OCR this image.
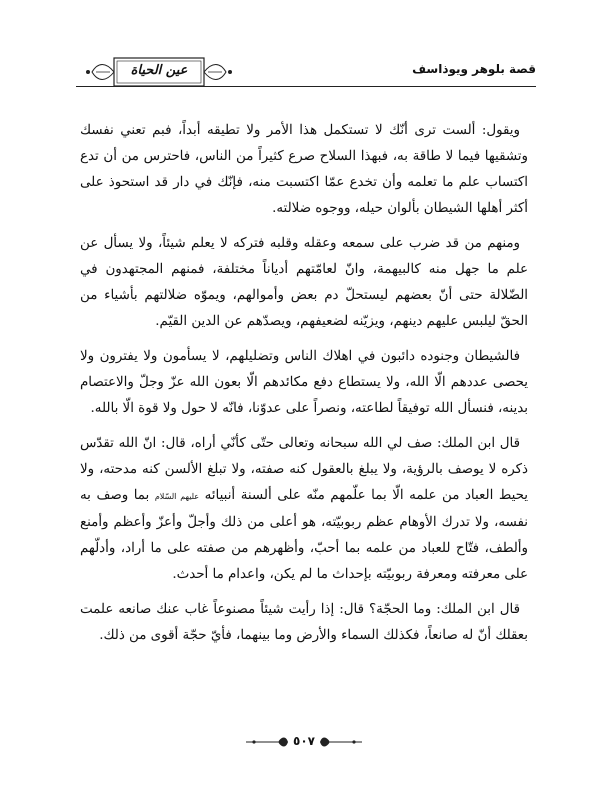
عين الحياة	قصة بلوهر ويوذاسف

ويقول: ألست ترى أنّك لا تستكمل هذا الأمر ولا تطيقه أبداً، فبم تعني نفسك وتشقيها فيما لا طاقة به، فبهذا السلاح صرع كثيراً من الناس، فاحترس من أن تدع اكتساب علم ما تعلمه وأن تخدع عمّا اكتسبت منه، فإنّك في دار قد استحوذ على أكثر أهلها الشيطان بألوان حيله، ووجوه ضلالته.

ومنهم من قد ضرب على سمعه وعقله وقلبه فتركه لا يعلم شيئاً، ولا يسأل عن علم ما جهل منه كالبيهمة، وانّ لعامّتهم أدياناً مختلفة، فمنهم المجتهدون في الضّلالة حتى أنّ بعضهم ليستحلّ دم بعض وأموالهم، ويموّه ضلالتهم بأشياء من الحقّ ليلبس عليهم دينهم، ويزيّنه لضعيفهم، ويصدّهم عن الدين القيّم.

فالشيطان وجنوده دائبون في اهلاك الناس وتضليلهم، لا يسأمون ولا يفترون ولا يحصى عددهم الّا الله، ولا يستطاع دفع مكائدهم الّا بعون الله عزّ وجلّ والاعتصام بدينه، فنسأل الله توفيقاً لطاعته، ونصراً على عدوّنا، فانّه لا حول ولا قوة الّا بالله.

قال ابن الملك: صف لي الله سبحانه وتعالى حتّى كأنّي أراه، قال: انّ الله تقدّس ذكره لا يوصف بالرؤية، ولا يبلغ بالعقول كنه صفته، ولا تبلغ الألسن كنه مدحته، ولا يحيط العباد من علمه الّا بما علّمهم منّه على ألسنة أنبيائه عليهم السّلام بما وصف به نفسه، ولا تدرك الأوهام عظم ربوبيّته، هو أعلى من ذلك وأجلّ وأعزّ وأعظم وأمنع وألطف، فتّاح للعباد من علمه بما أحبّ، وأظهرهم من صفته على ما أراد، وأدلّهم على معرفته ومعرفة ربوبيّته بإحداث ما لم يكن، واعدام ما أحدث.

قال ابن الملك: وما الحجّة؟ قال: إذا رأيت شيئاً مصنوعاً غاب عنك صانعه علمت بعقلك أنّ له صانعاً، فكذلك السماء والأرض وما بينهما، فأيّ حجّة أقوى من ذلك.

٥٠٧
